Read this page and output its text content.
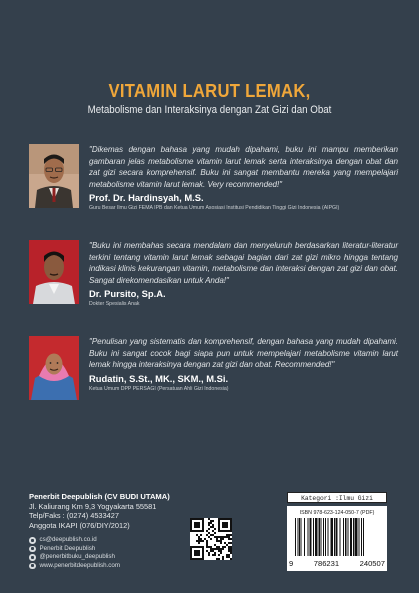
VITAMIN LARUT LEMAK,
Metabolisme dan Interaksinya dengan Zat Gizi dan Obat

"Dikemas dengan bahasa yang mudah dipahami, buku ini mampu memberikan gambaran jelas metabolisme vitamin larut lemak serta interaksinya dengan obat dan zat gizi secara komprehensif. Buku ini sangat membantu mereka yang mempelajari metabolisme vitamin larut lemak. Very recommended!"

Prof. Dr. Hardinsyah, M.S.
Guru Besar Ilmu Gizi FEMA IPB dan Ketua Umum Asosiasi Institusi Pendidikan Tinggi Gizi Indonesia (AIPGI)

"Buku ini membahas secara mendalam dan menyeluruh berdasarkan literatur-literatur terkini tentang vitamin larut lemak sebagai bagian dari zat gizi mikro hingga tentang indikasi klinis kekurangan vitamin, metabolisme dan interaksi dengan zat gizi dan obat. Sangat direkomendasikan untuk Anda!"

Dr. Pursito, Sp.A.
Dokter Spesialis Anak

"Penulisan yang sistematis dan komprehensif, dengan bahasa yang mudah dipahami. Buku ini sangat cocok bagi siapa pun untuk mempelajari metabolisme vitamin larut lemak hingga interaksinya dengan zat gizi dan obat. Recommended!"

Rudatin, S.St., MK., SKM., M.Si.
Ketua Umum DPP PERSAGI (Persatuan Ahli Gizi Indonesia)
Penerbit Deepublish (CV BUDI UTAMA)
Jl. Kaliurang Km 9,3 Yogyakarta 55581
Telp/Faks : (0274) 4533427
Anggota IKAPI (076/DIY/2012)
cs@deepublish.co.id
Penerbit Deepublish
@penerbitbuku_deepublish
www.penerbitdeepublish.com
Kategori :Ilmu Gizi
ISBN 978-623-124-050-7 (PDF)
9	786231	240507
